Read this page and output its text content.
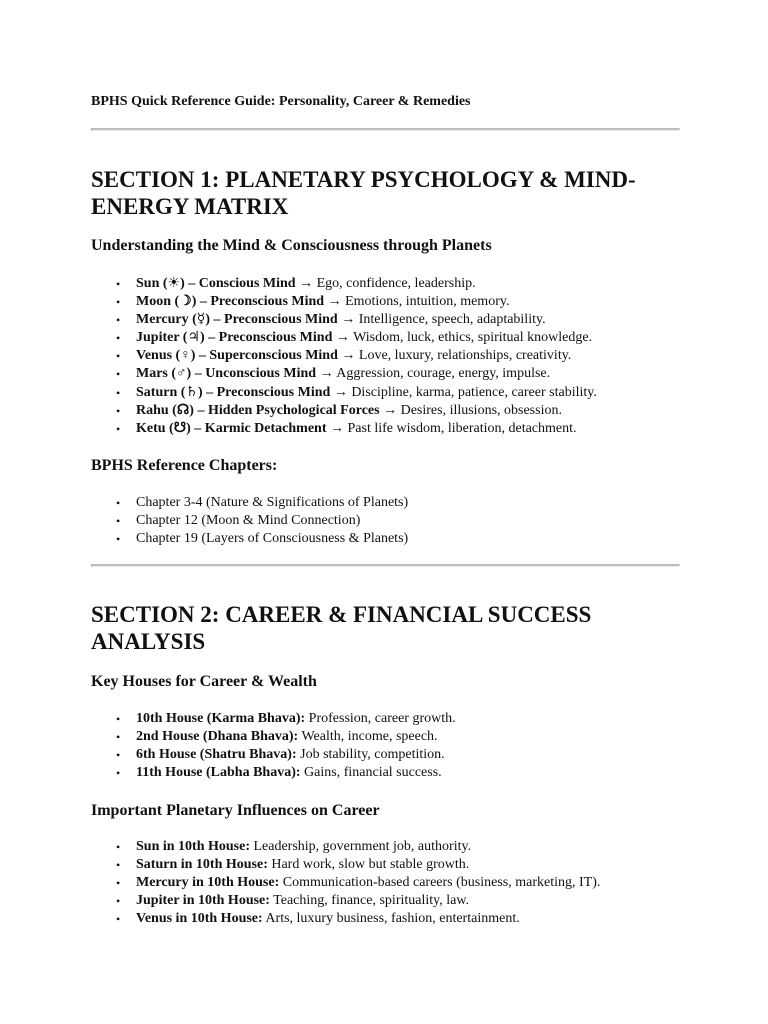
BPHS Quick Reference Guide: Personality, Career & Remedies

SECTION 1: PLANETARY PSYCHOLOGY & MIND-ENERGY MATRIX
Understanding the Mind & Consciousness through Planets
• Sun (☀) – Conscious Mind → Ego, confidence, leadership.
• Moon (☽) – Preconscious Mind → Emotions, intuition, memory.
• Mercury (☿) – Preconscious Mind → Intelligence, speech, adaptability.
• Jupiter (♃) – Preconscious Mind → Wisdom, luck, ethics, spiritual knowledge.
• Venus (♀) – Superconscious Mind → Love, luxury, relationships, creativity.
• Mars (♂) – Unconscious Mind → Aggression, courage, energy, impulse.
• Saturn (♄) – Preconscious Mind → Discipline, karma, patience, career stability.
• Rahu (☊) – Hidden Psychological Forces → Desires, illusions, obsession.
• Ketu (☋) – Karmic Detachment → Past life wisdom, liberation, detachment.
BPHS Reference Chapters:
• Chapter 3-4 (Nature & Significations of Planets)
• Chapter 12 (Moon & Mind Connection)
• Chapter 19 (Layers of Consciousness & Planets)
SECTION 2: CAREER & FINANCIAL SUCCESS ANALYSIS
Key Houses for Career & Wealth
• 10th House (Karma Bhava): Profession, career growth.
• 2nd House (Dhana Bhava): Wealth, income, speech.
• 6th House (Shatru Bhava): Job stability, competition.
• 11th House (Labha Bhava): Gains, financial success.
Important Planetary Influences on Career
• Sun in 10th House: Leadership, government job, authority.
• Saturn in 10th House: Hard work, slow but stable growth.
• Mercury in 10th House: Communication-based careers (business, marketing, IT).
• Jupiter in 10th House: Teaching, finance, spirituality, law.
• Venus in 10th House: Arts, luxury business, fashion, entertainment.
